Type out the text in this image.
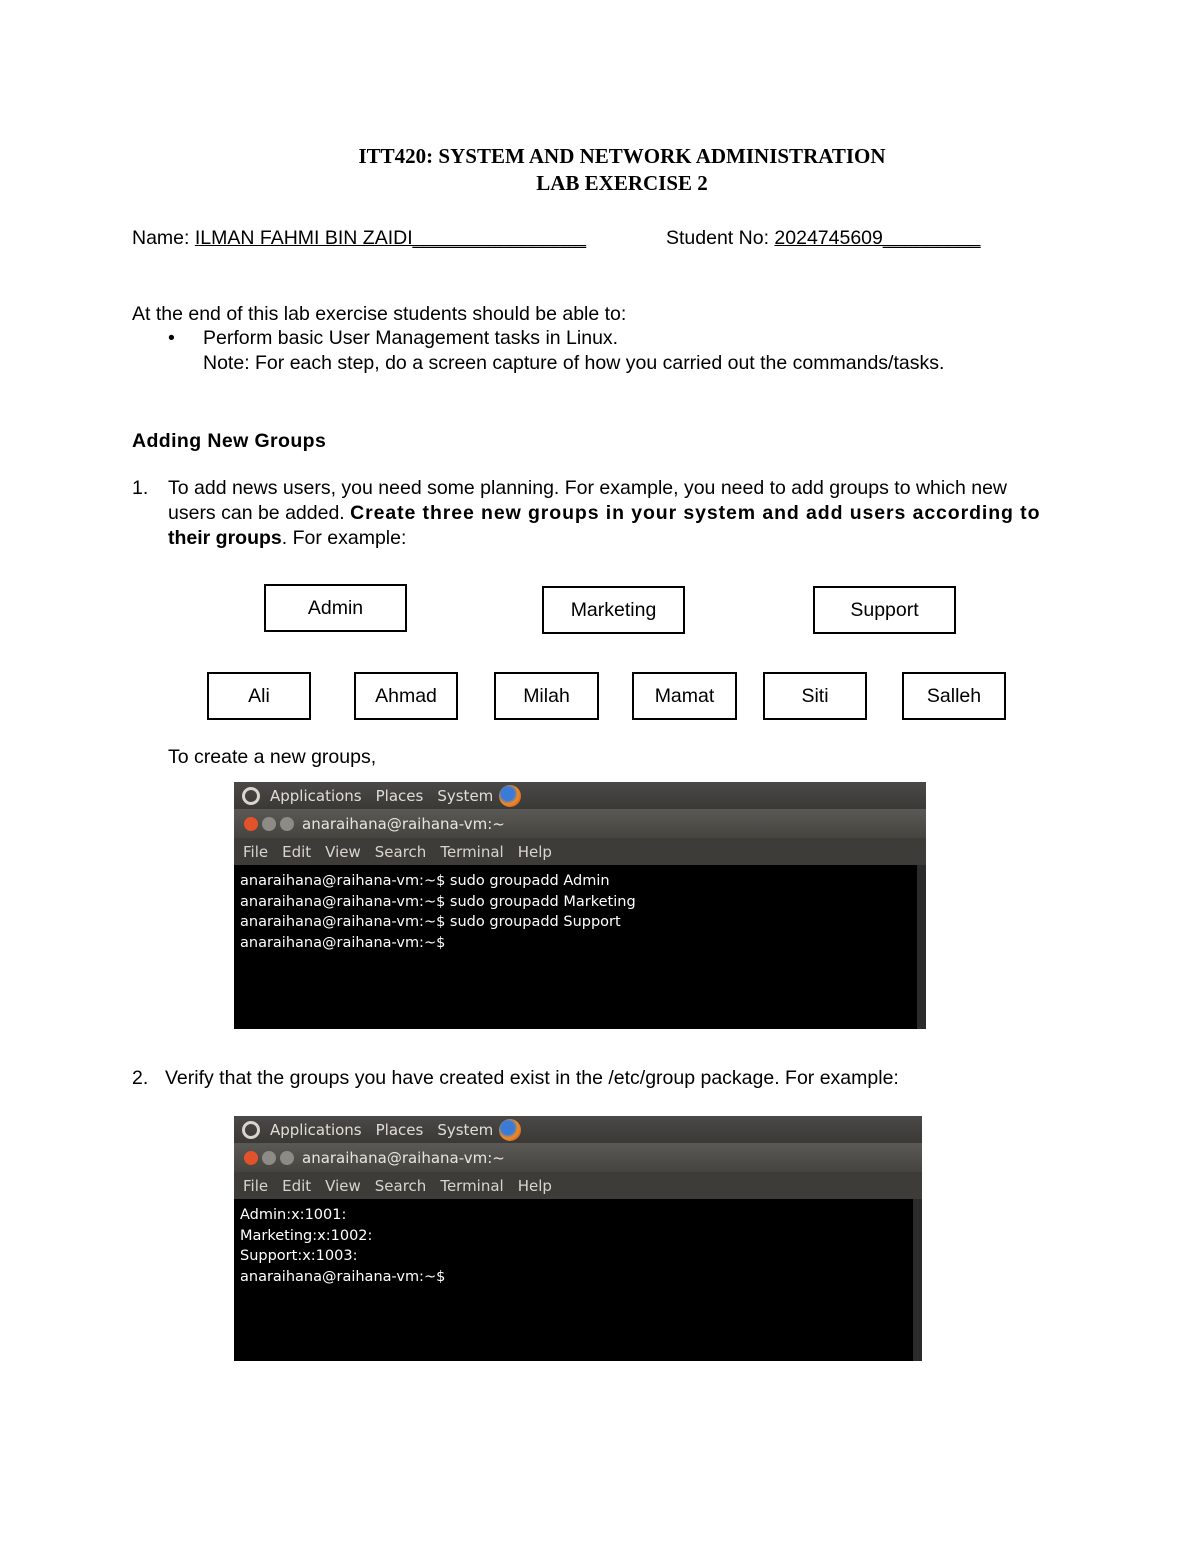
ITT420: SYSTEM AND NETWORK ADMINISTRATION
LAB EXERCISE 2
Name: ILMAN FAHMI BIN ZAIDI________________	Student No: 2024745609_________
At the end of this lab exercise students should be able to:
• Perform basic User Management tasks in Linux.
Note: For each step, do a screen capture of how you carried out the commands/tasks.
Adding New Groups
1. To add news users, you need some planning. For example, you need to add groups to which new
users can be added. Create three new groups in your system and add users according to
their groups. For example:
Admin	Marketing	Support
Ali	Ahmad	Milah	Mamat	Siti	Salleh
To create a new groups,
Applications Places System
anaraihana@raihana-vm:~
File Edit View Search Terminal Help
anaraihana@raihana-vm:~$ sudo groupadd Admin
anaraihana@raihana-vm:~$ sudo groupadd Marketing
anaraihana@raihana-vm:~$ sudo groupadd Support
anaraihana@raihana-vm:~$
2. Verify that the groups you have created exist in the /etc/group package. For example:
Applications Places System
anaraihana@raihana-vm:~
File Edit View Search Terminal Help
Admin:x:1001:
Marketing:x:1002:
Support:x:1003:
anaraihana@raihana-vm:~$
